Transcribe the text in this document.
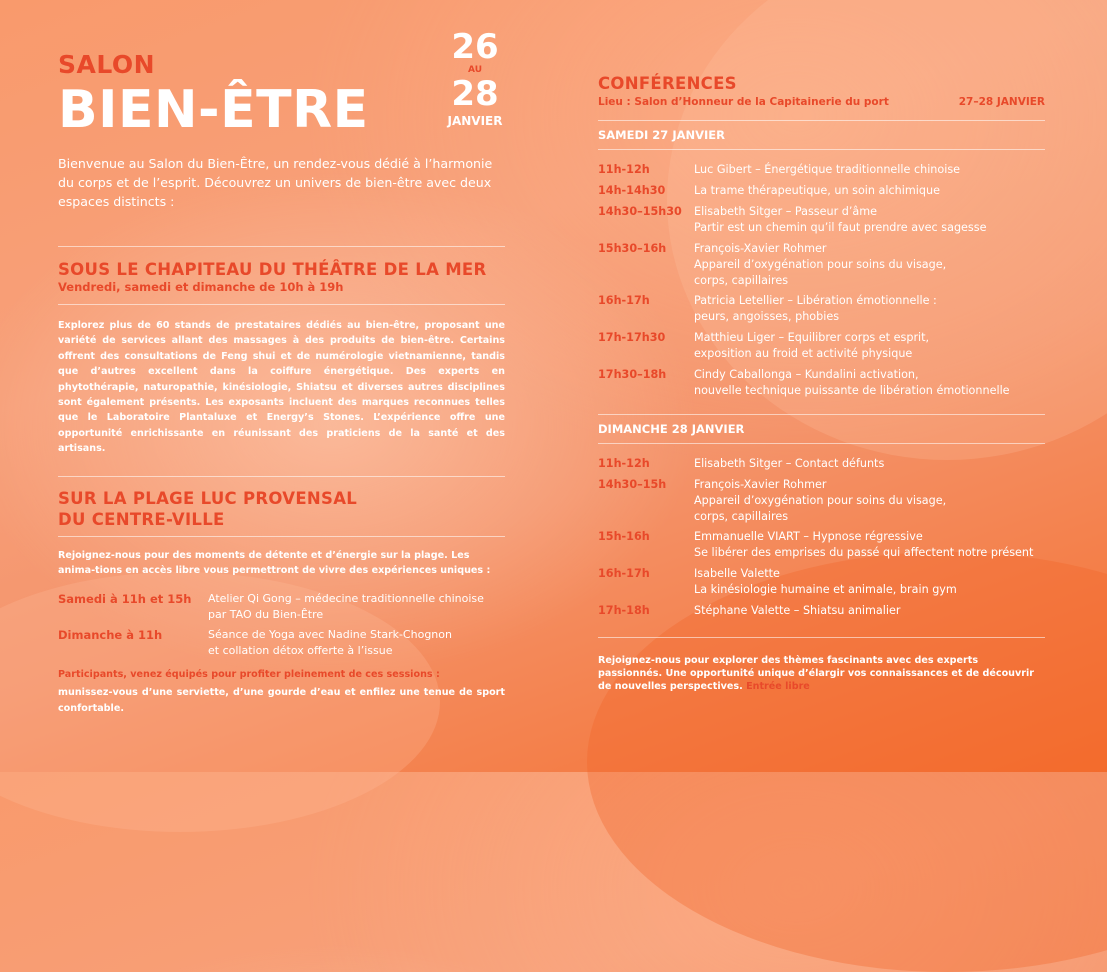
SALON
BIEN-ÊTRE
26
AU
28
JANVIER
Bienvenue au Salon du Bien-Être, un rendez-vous dédié à l’harmonie du corps et de l’esprit. Découvrez un univers de bien-être avec deux espaces distincts :
SOUS LE CHAPITEAU DU THÉÂTRE DE LA MER
Vendredi, samedi et dimanche de 10h à 19h
Explorez plus de 60 stands de prestataires dédiés au bien-être, proposant une variété de services allant des massages à des produits de bien-être. Certains offrent des consultations de Feng shui et de numérologie vietnamienne, tandis que d’autres excellent dans la coiffure énergétique. Des experts en phytothérapie, naturopathie, kinésiologie, Shiatsu et diverses autres disciplines sont également présents. Les exposants incluent des marques reconnues telles que le Laboratoire Plantaluxe et Energy’s Stones. L’expérience offre une opportunité enrichissante en réunissant des praticiens de la santé et des artisans.
SUR LA PLAGE LUC PROVENSAL
DU CENTRE-VILLE
Rejoignez-nous pour des moments de détente et d’énergie sur la plage. Les anima-tions en accès libre vous permettront de vivre des expériences uniques :
Samedi à 11h et 15h Atelier Qi Gong – médecine traditionnelle chinoise
par TAO du Bien-Être
Dimanche à 11h	Séance de Yoga avec Nadine Stark-Chognon
et collation détox offerte à l’issue
Participants, venez équipés pour profiter pleinement de ces sessions :
munissez-vous d’une serviette, d’une gourde d’eau et enfilez une tenue de sport confortable.
CONFÉRENCES
Lieu : Salon d’Honneur de la Capitainerie du port	27–28 JANVIER
SAMEDI 27 JANVIER
11h-12h	Luc Gibert – Énergétique traditionnelle chinoise
14h-14h30	La trame thérapeutique, un soin alchimique
14h30–15h30 Elisabeth Sitger – Passeur d’âme
Partir est un chemin qu’il faut prendre avec sagesse
15h30–16h François-Xavier Rohmer
Appareil d’oxygénation pour soins du visage,
corps, capillaires
16h-17h	Patricia Letellier – Libération émotionnelle :
peurs, angoisses, phobies
17h-17h30	Matthieu Liger – Equilibrer corps et esprit,
exposition au froid et activité physique
17h30–18h Cindy Caballonga – Kundalini activation,
nouvelle technique puissante de libération émotionnelle
DIMANCHE 28 JANVIER
11h-12h	Elisabeth Sitger – Contact défunts
14h30–15h François-Xavier Rohmer
Appareil d’oxygénation pour soins du visage,
corps, capillaires
15h-16h	Emmanuelle VIART – Hypnose régressive
Se libérer des emprises du passé qui affectent notre présent
16h-17h	Isabelle Valette
La kinésiologie humaine et animale, brain gym
17h-18h	Stéphane Valette – Shiatsu animalier
Rejoignez-nous pour explorer des thèmes fascinants avec des experts passionnés. Une opportunité unique d’élargir vos connaissances et de découvrir de nouvelles perspectives. Entrée libre
